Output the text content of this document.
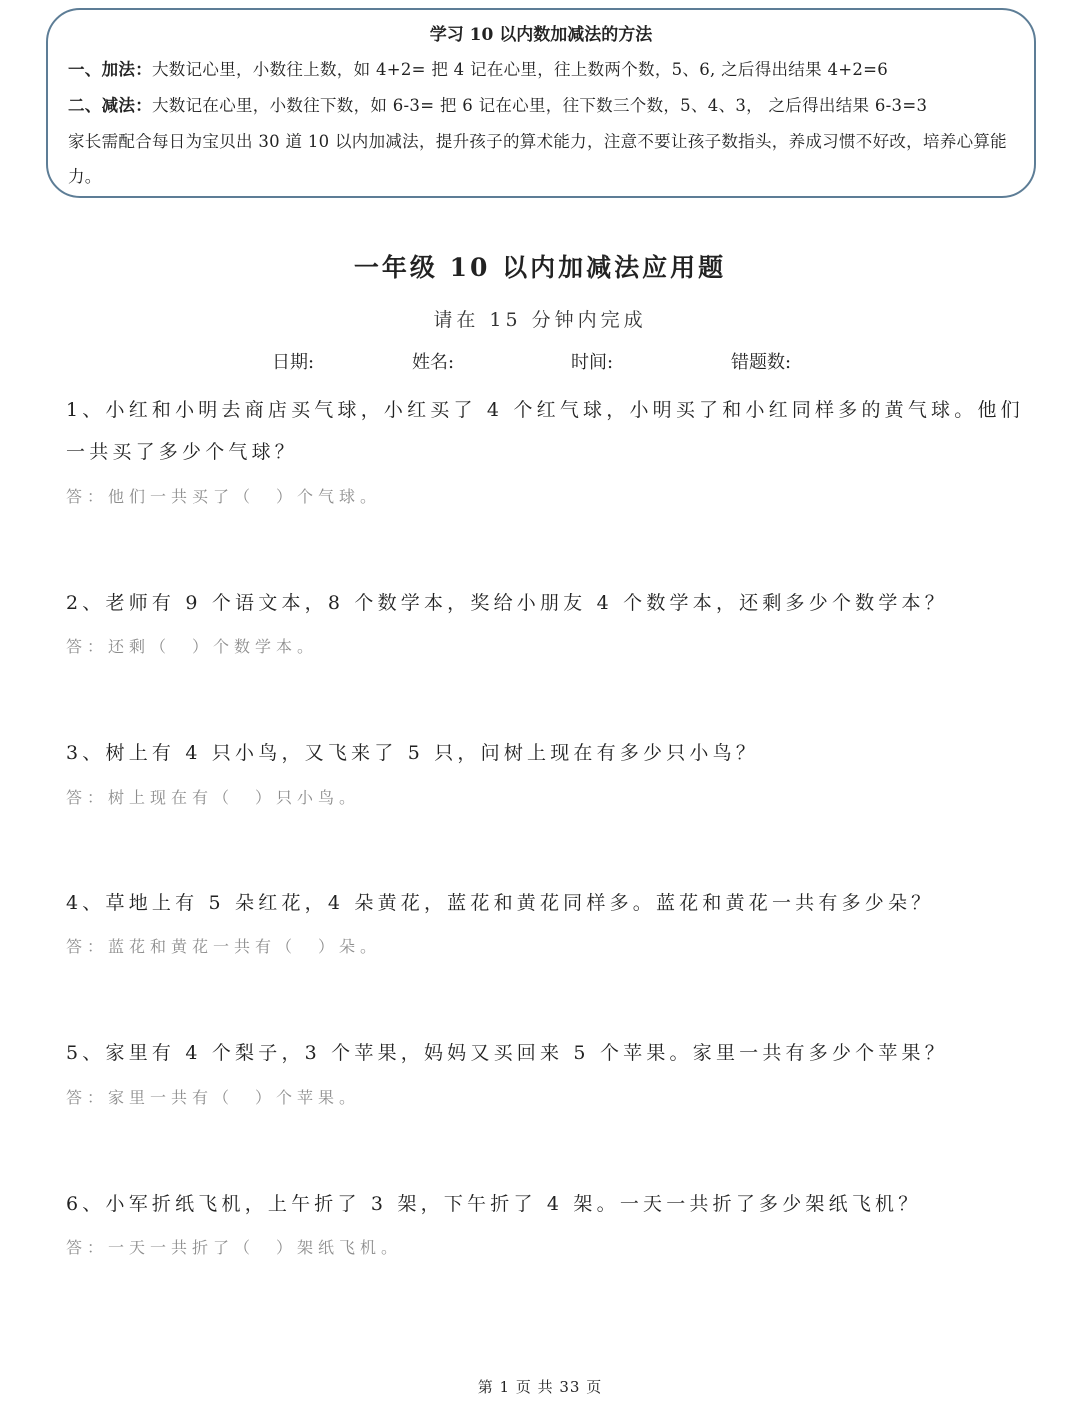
学习 10 以内数加减法的方法
一、加法：大数记心里，小数往上数，如 4+2= 把 4 记在心里，往上数两个数，5、6, 之后得出结果 4+2=6
二、减法：大数记在心里，小数往下数，如 6-3= 把 6 记在心里，往下数三个数，5、4、3， 之后得出结果 6-3=3
家长需配合每日为宝贝出 30 道 10 以内加减法，提升孩子的算术能力，注意不要让孩子数指头，养成习惯不好改，培养心算能力。
一年级 10 以内加减法应用题
请在 15 分钟内完成
日期:	姓名:	时间:	错题数:
1、小红和小明去商店买气球，小红买了 4 个红气球，小明买了和小红同样多的黄气球。他们一共买了多少个气球？
答：他们一共买了（　）个气球。
2、老师有 9 个语文本，8 个数学本，奖给小朋友 4 个数学本，还剩多少个数学本？
答：还剩（　）个数学本。
3、树上有 4 只小鸟，又飞来了 5 只，问树上现在有多少只小鸟？
答：树上现在有（　）只小鸟。
4、草地上有 5 朵红花，4 朵黄花，蓝花和黄花同样多。蓝花和黄花一共有多少朵？
答：蓝花和黄花一共有（　）朵。
5、家里有 4 个梨子，3 个苹果，妈妈又买回来 5 个苹果。家里一共有多少个苹果？
答：家里一共有（　）个苹果。
6、小军折纸飞机，上午折了 3 架，下午折了 4 架。一天一共折了多少架纸飞机？
答：一天一共折了（　）架纸飞机。
第 1 页 共 33 页
